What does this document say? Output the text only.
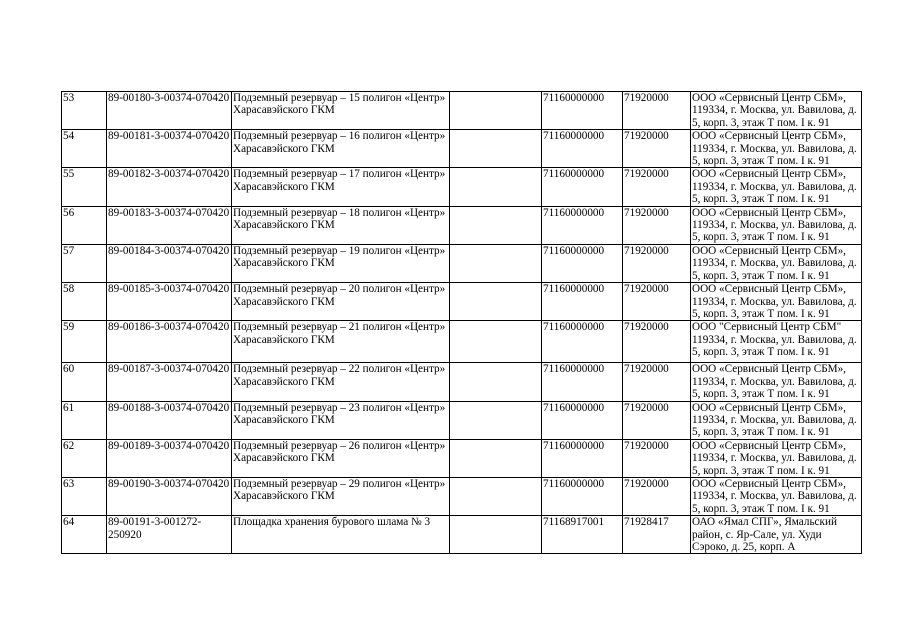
53	89-00180-3-00374-070420	Подземный резервуар – 15 полигон «Центр» Харасавэйского ГКМ		71160000000	71920000	ООО «Сервисный Центр СБМ», 119334, г. Москва, ул. Вавилова, д. 5, корп. 3, этаж Т пом. I к. 91
54	89-00181-3-00374-070420	Подземный резервуар – 16 полигон «Центр» Харасавэйского ГКМ		71160000000	71920000	ООО «Сервисный Центр СБМ», 119334, г. Москва, ул. Вавилова, д. 5, корп. 3, этаж Т пом. I к. 91
55	89-00182-3-00374-070420	Подземный резервуар – 17 полигон «Центр» Харасавэйского ГКМ		71160000000	71920000	ООО «Сервисный Центр СБМ», 119334, г. Москва, ул. Вавилова, д. 5, корп. 3, этаж Т пом. I к. 91
56	89-00183-3-00374-070420	Подземный резервуар – 18 полигон «Центр» Харасавэйского ГКМ		71160000000	71920000	ООО «Сервисный Центр СБМ», 119334, г. Москва, ул. Вавилова, д. 5, корп. 3, этаж Т пом. I к. 91
57	89-00184-3-00374-070420	Подземный резервуар – 19 полигон «Центр» Харасавэйского ГКМ		71160000000	71920000	ООО «Сервисный Центр СБМ», 119334, г. Москва, ул. Вавилова, д. 5, корп. 3, этаж Т пом. I к. 91
58	89-00185-3-00374-070420	Подземный резервуар – 20 полигон «Центр» Харасавэйского ГКМ		71160000000	71920000	ООО «Сервисный Центр СБМ», 119334, г. Москва, ул. Вавилова, д. 5, корп. 3, этаж Т пом. I к. 91
59	89-00186-3-00374-070420	Подземный резервуар – 21 полигон «Центр» Харасавэйского ГКМ		71160000000	71920000	ООО "Сервисный Центр СБМ" 119334, г. Москва, ул. Вавилова, д. 5, корп. 3, этаж Т пом. I к. 91
60	89-00187-3-00374-070420	Подземный резервуар – 22 полигон «Центр» Харасавэйского ГКМ		71160000000	71920000	ООО «Сервисный Центр СБМ», 119334, г. Москва, ул. Вавилова, д. 5, корп. 3, этаж Т пом. I к. 91
61	89-00188-3-00374-070420	Подземный резервуар – 23 полигон «Центр» Харасавэйского ГКМ		71160000000	71920000	ООО «Сервисный Центр СБМ», 119334, г. Москва, ул. Вавилова, д. 5, корп. 3, этаж Т пом. I к. 91
62	89-00189-3-00374-070420	Подземный резервуар – 26 полигон «Центр» Харасавэйского ГКМ		71160000000	71920000	ООО «Сервисный Центр СБМ», 119334, г. Москва, ул. Вавилова, д. 5, корп. 3, этаж Т пом. I к. 91
63	89-00190-3-00374-070420	Подземный резервуар – 29 полигон «Центр» Харасавэйского ГКМ		71160000000	71920000	ООО «Сервисный Центр СБМ», 119334, г. Москва, ул. Вавилова, д. 5, корп. 3, этаж Т пом. I к. 91
64	89-00191-3-001272-250920	Площадка хранения бурового шлама № 3		71168917001	71928417	ОАО «Ямал СПГ», Ямальский район, с. Яр-Сале, ул. Худи Сэроко, д. 25, корп. А
